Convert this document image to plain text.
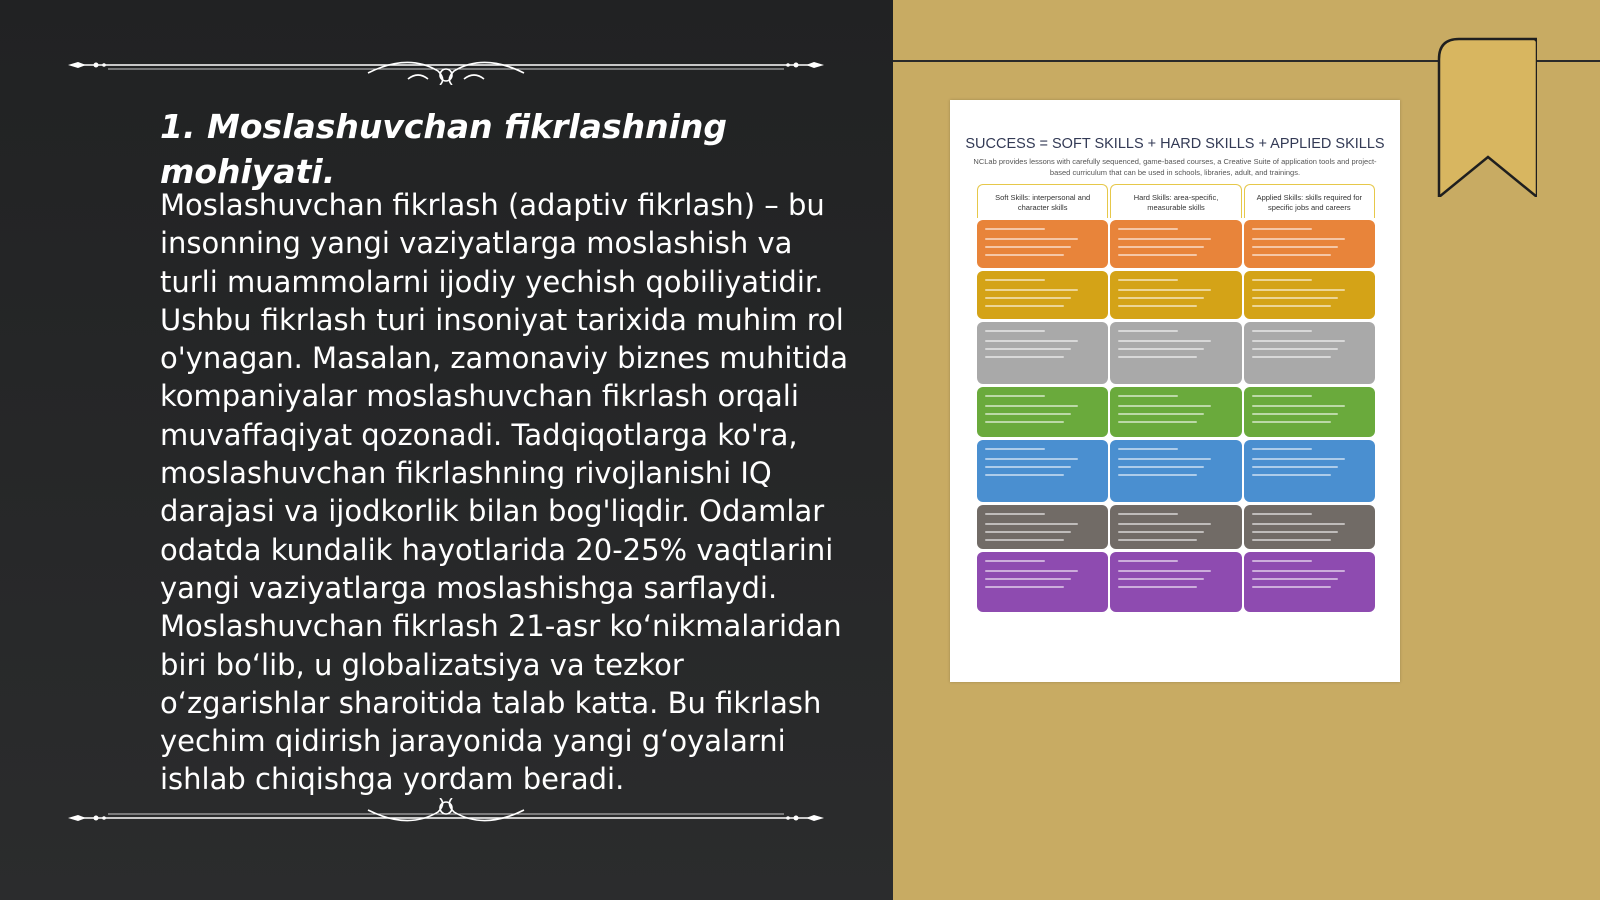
1. Moslashuvchan fikrlashning mohiyati.

Moslashuvchan fikrlash (adaptiv fikrlash) – bu insonning yangi vaziyatlarga moslashish va turli muammolarni ijodiy yechish qobiliyatidir. Ushbu fikrlash turi insoniyat tarixida muhim rol o'ynagan. Masalan, zamonaviy biznes muhitida kompaniyalar moslashuvchan fikrlash orqali muvaffaqiyat qozonadi. Tadqiqotlarga ko'ra, moslashuvchan fikrlashning rivojlanishi IQ darajasi va ijodkorlik bilan bog'liqdir. Odamlar odatda kundalik hayotlarida 20-25% vaqtlarini yangi vaziyatlarga moslashishga sarflaydi. Moslashuvchan fikrlash 21-asr koʻnikmalaridan biri boʻlib, u globalizatsiya va tezkor oʻzgarishlar sharoitida talab katta. Bu fikrlash yechim qidirish jarayonida yangi gʻoyalarni ishlab chiqishga yordam beradi.

SUCCESS = SOFT SKILLS + HARD SKILLS + APPLIED SKILLS

NCLab provides lessons with carefully sequenced, game-based courses, a Creative Suite of application tools and project-based curriculum that can be used in schools, libraries, adult, and trainings.

Soft Skills: interpersonal and character skills
Hard Skills: area-specific, measurable skills
Applied Skills: skills required for specific jobs and careers
